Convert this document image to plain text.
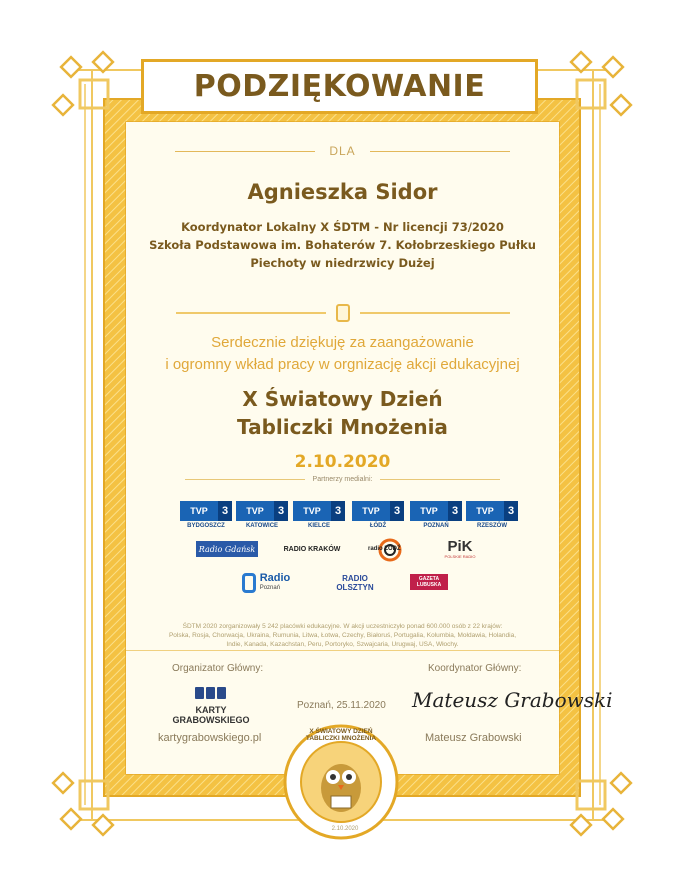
PODZIĘKOWANIE
DLA
Agnieszka Sidor
Koordynator Lokalny X ŚDTM - Nr licencji 73/2020
Szkoła Podstawowa im. Bohaterów 7. Kołobrzeskiego Pułku
Piechoty w niedrzwicy Dużej
Serdecznie dziękuję za zaangażowanie
i ogromny wkład pracy w orgnizację akcji edukacyjnej
X Światowy Dzień
Tabliczki Mnożenia
2.10.2020
Partnerzy medialni:
TVP	3
BYDGOSZCZ
TVP	3
KATOWICE
TVP	3
KIELCE
TVP	3
ŁÓDŹ
TVP	3
POZNAŃ
TVP	3
RZESZÓW
Radio Gdańsk	RADIO KRAKÓW	radio ŁÓDŹ	PiK
POLSKIE RADIO
Radio
Poznań
RADIO OLSZTYN
GAZETA LUBUSKA
ŚDTM 2020 zorganizowały 5 242 placówki edukacyjne. W akcji uczestniczyło ponad 600.000 osób z 22 krajów:
Polska, Rosja, Chorwacja, Ukraina, Rumunia, Litwa, Łotwa, Czechy, Białoruś, Portugalia, Kolumbia, Mołdawia, Holandia,
Indie, Kanada, Kazachstan, Peru, Portoryko, Szwajcaria, Urugwaj, USA, Włochy.
Organizator Główny:	Koordynator Główny:
KARTY
GRABOWSKIEGO
Poznań, 25.11.2020 Mateusz Grabowski
kartygrabowskiego.pl	Mateusz Grabowski
X ŚWIATOWY DZIEŃ TABLICZKI MNOŻENIA
2.10.2020
